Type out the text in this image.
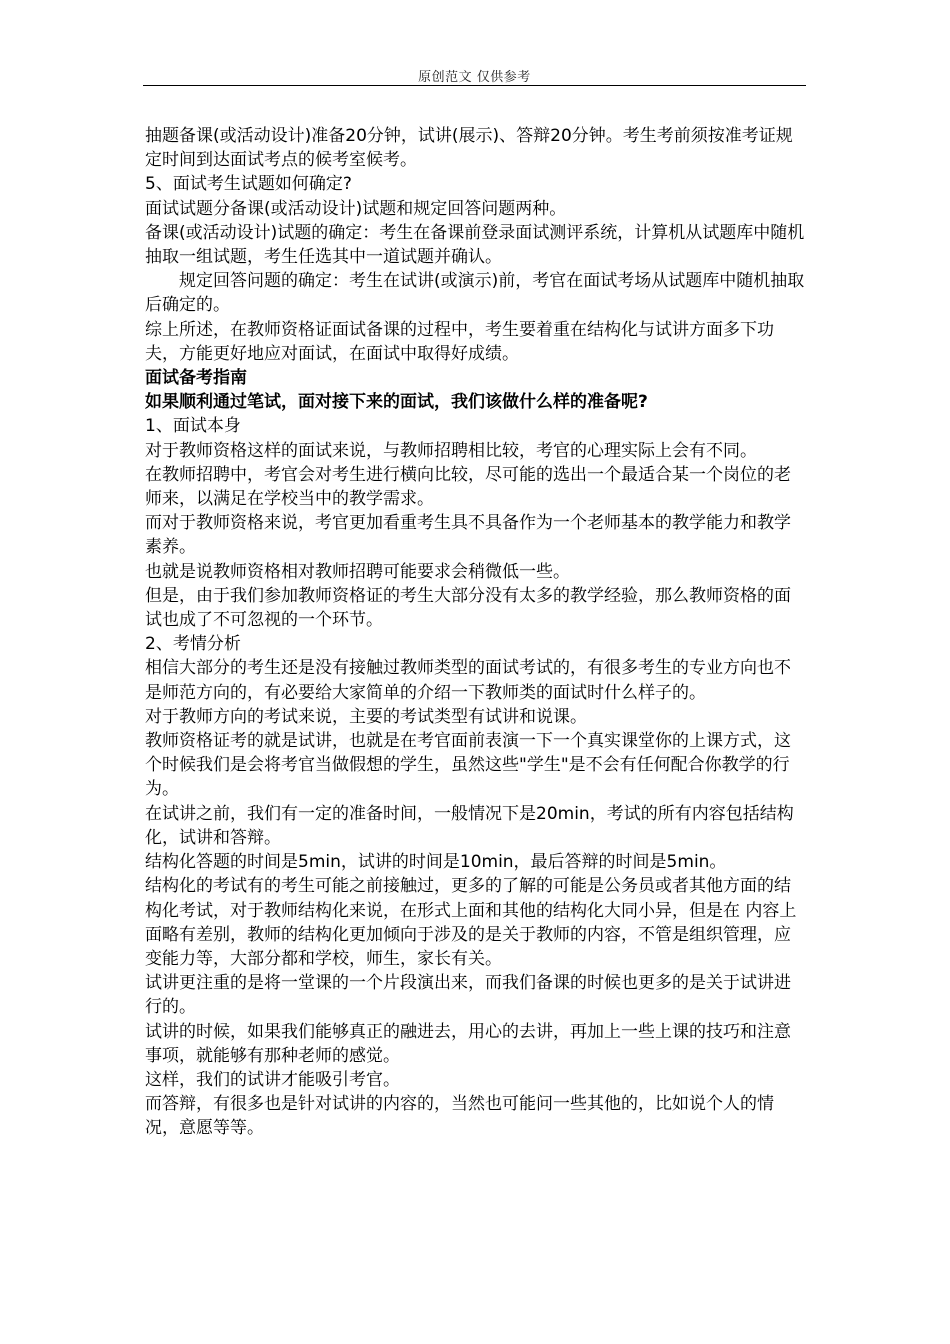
原创范文 仅供参考

抽题备课(或活动设计)准备20分钟，试讲(展示)、答辩20分钟。考生考前须按准考证规定时间到达面试考点的候考室候考。

5、面试考生试题如何确定?

面试试题分备课(或活动设计)试题和规定回答问题两种。

备课(或活动设计)试题的确定：考生在备课前登录面试测评系统，计算机从试题库中随机抽取一组试题，考生任选其中一道试题并确认。

规定回答问题的确定：考生在试讲(或演示)前，考官在面试考场从试题库中随机抽取后确定的。

综上所述，在教师资格证面试备课的过程中，考生要着重在结构化与试讲方面多下功夫，方能更好地应对面试，在面试中取得好成绩。

面试备考指南

如果顺利通过笔试，面对接下来的面试，我们该做什么样的准备呢?

1、面试本身

对于教师资格这样的面试来说，与教师招聘相比较，考官的心理实际上会有不同。

在教师招聘中，考官会对考生进行横向比较，尽可能的选出一个最适合某一个岗位的老师来，以满足在学校当中的教学需求。

而对于教师资格来说，考官更加看重考生具不具备作为一个老师基本的教学能力和教学素养。

也就是说教师资格相对教师招聘可能要求会稍微低一些。

但是，由于我们参加教师资格证的考生大部分没有太多的教学经验，那么教师资格的面试也成了不可忽视的一个环节。

2、考情分析

相信大部分的考生还是没有接触过教师类型的面试考试的，有很多考生的专业方向也不是师范方向的，有必要给大家简单的介绍一下教师类的面试时什么样子的。

对于教师方向的考试来说，主要的考试类型有试讲和说课。

教师资格证考的就是试讲，也就是在考官面前表演一下一个真实课堂你的上课方式，这个时候我们是会将考官当做假想的学生，虽然这些"学生"是不会有任何配合你教学的行为。

在试讲之前，我们有一定的准备时间，一般情况下是20min，考试的所有内容包括结构化，试讲和答辩。

结构化答题的时间是5min，试讲的时间是10min，最后答辩的时间是5min。

结构化的考试有的考生可能之前接触过，更多的了解的可能是公务员或者其他方面的结构化考试，对于教师结构化来说，在形式上面和其他的结构化大同小异，但是在 内容上面略有差别，教师的结构化更加倾向于涉及的是关于教师的内容，不管是组织管理，应变能力等，大部分都和学校，师生，家长有关。

试讲更注重的是将一堂课的一个片段演出来，而我们备课的时候也更多的是关于试讲进行的。

试讲的时候，如果我们能够真正的融进去，用心的去讲，再加上一些上课的技巧和注意事项，就能够有那种老师的感觉。

这样，我们的试讲才能吸引考官。

而答辩，有很多也是针对试讲的内容的，当然也可能问一些其他的，比如说个人的情况，意愿等等。
